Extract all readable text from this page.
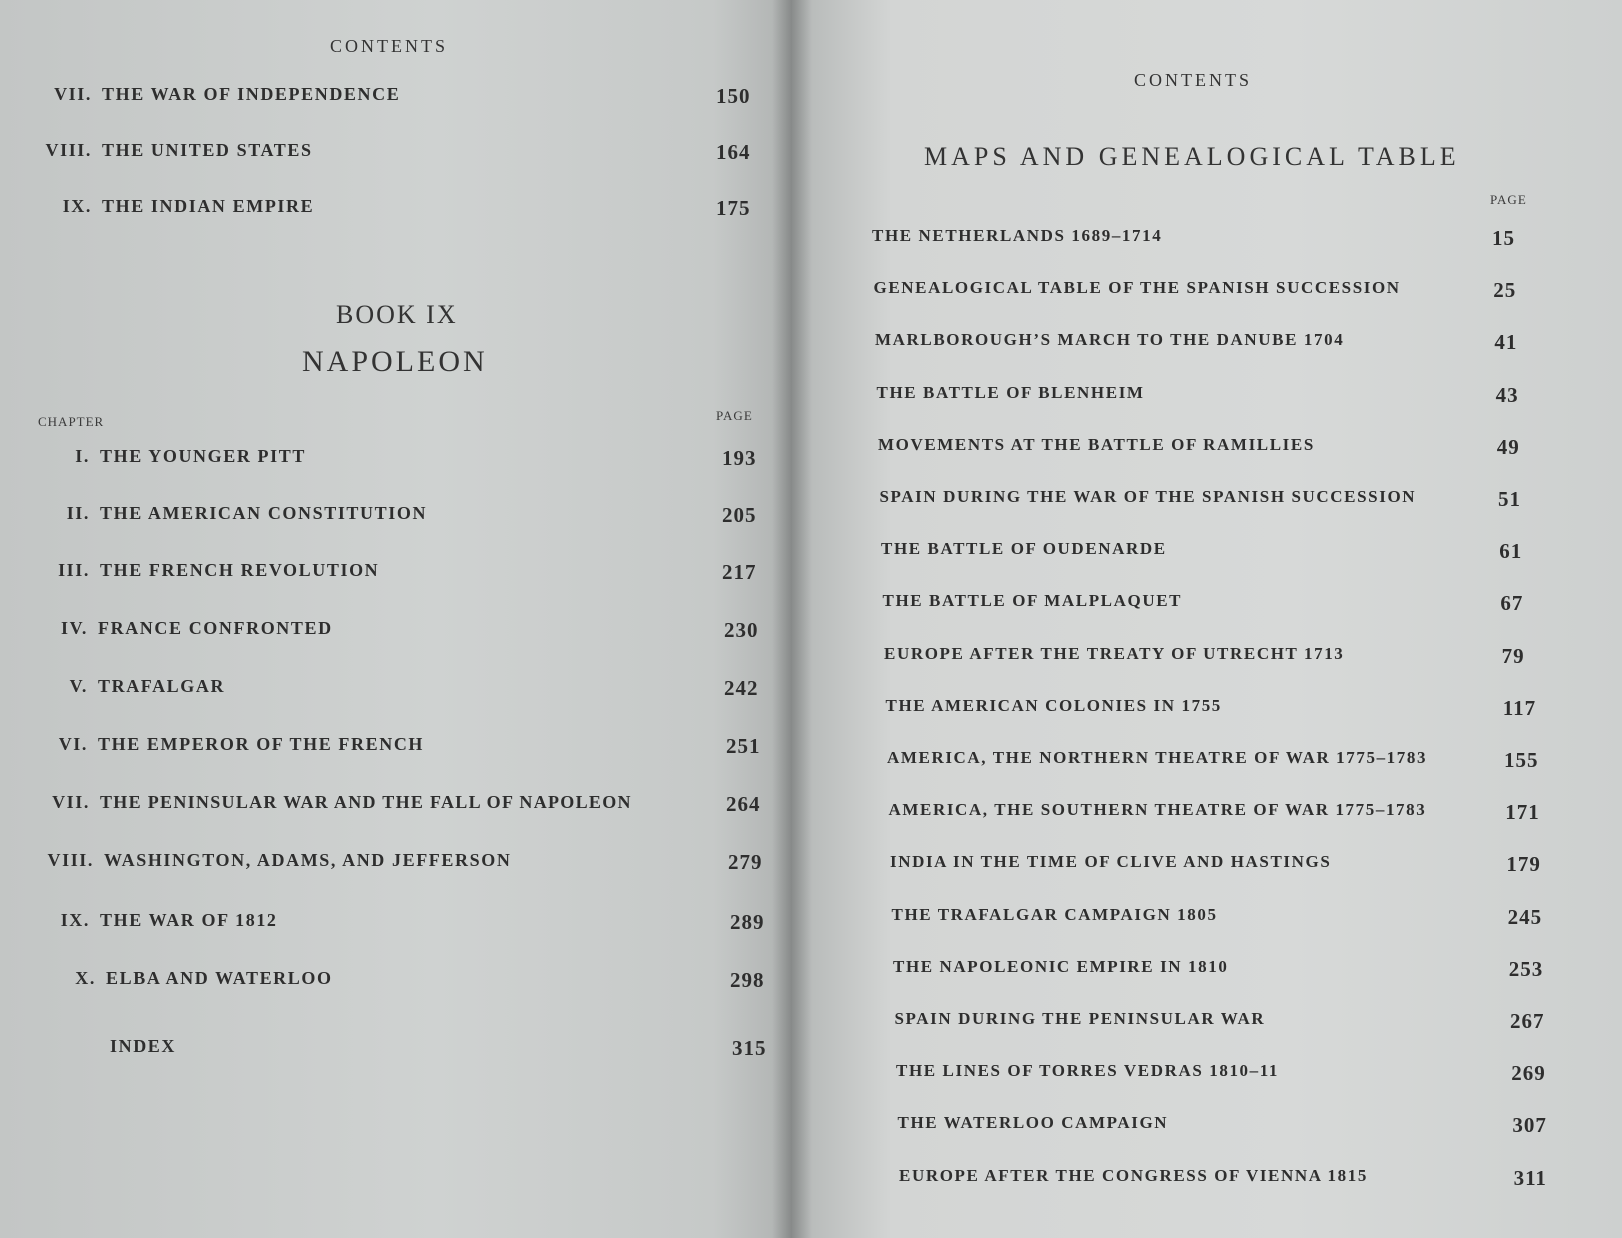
CONTENTS
VII. THE WAR OF INDEPENDENCE	150
VIII. THE UNITED STATES	164
IX. THE INDIAN EMPIRE	175
BOOK IX
NAPOLEON
CHAPTER	PAGE
I. THE YOUNGER PITT	193
II. THE AMERICAN CONSTITUTION	205
III. THE FRENCH REVOLUTION	217
IV. FRANCE CONFRONTED	230
V. TRAFALGAR	242
VI. THE EMPEROR OF THE FRENCH	251
VII. THE PENINSULAR WAR AND THE FALL OF NAPOLEON	264
VIII. WASHINGTON, ADAMS, AND JEFFERSON	279
IX. THE WAR OF 1812	289
X. ELBA AND WATERLOO	298
INDEX	315
CONTENTS
MAPS AND GENEALOGICAL TABLE
PAGE
THE NETHERLANDS 1689–1714	15
GENEALOGICAL TABLE OF THE SPANISH SUCCESSION	25
MARLBOROUGH’S MARCH TO THE DANUBE 1704	41
THE BATTLE OF BLENHEIM	43
MOVEMENTS AT THE BATTLE OF RAMILLIES	49
SPAIN DURING THE WAR OF THE SPANISH SUCCESSION	51
THE BATTLE OF OUDENARDE	61
THE BATTLE OF MALPLAQUET	67
EUROPE AFTER THE TREATY OF UTRECHT 1713	79
THE AMERICAN COLONIES IN 1755	117
AMERICA, THE NORTHERN THEATRE OF WAR 1775–1783	155
AMERICA, THE SOUTHERN THEATRE OF WAR 1775–1783	171
INDIA IN THE TIME OF CLIVE AND HASTINGS	179
THE TRAFALGAR CAMPAIGN 1805	245
THE NAPOLEONIC EMPIRE IN 1810	253
SPAIN DURING THE PENINSULAR WAR	267
THE LINES OF TORRES VEDRAS 1810–11	269
THE WATERLOO CAMPAIGN	307
EUROPE AFTER THE CONGRESS OF VIENNA 1815	311
